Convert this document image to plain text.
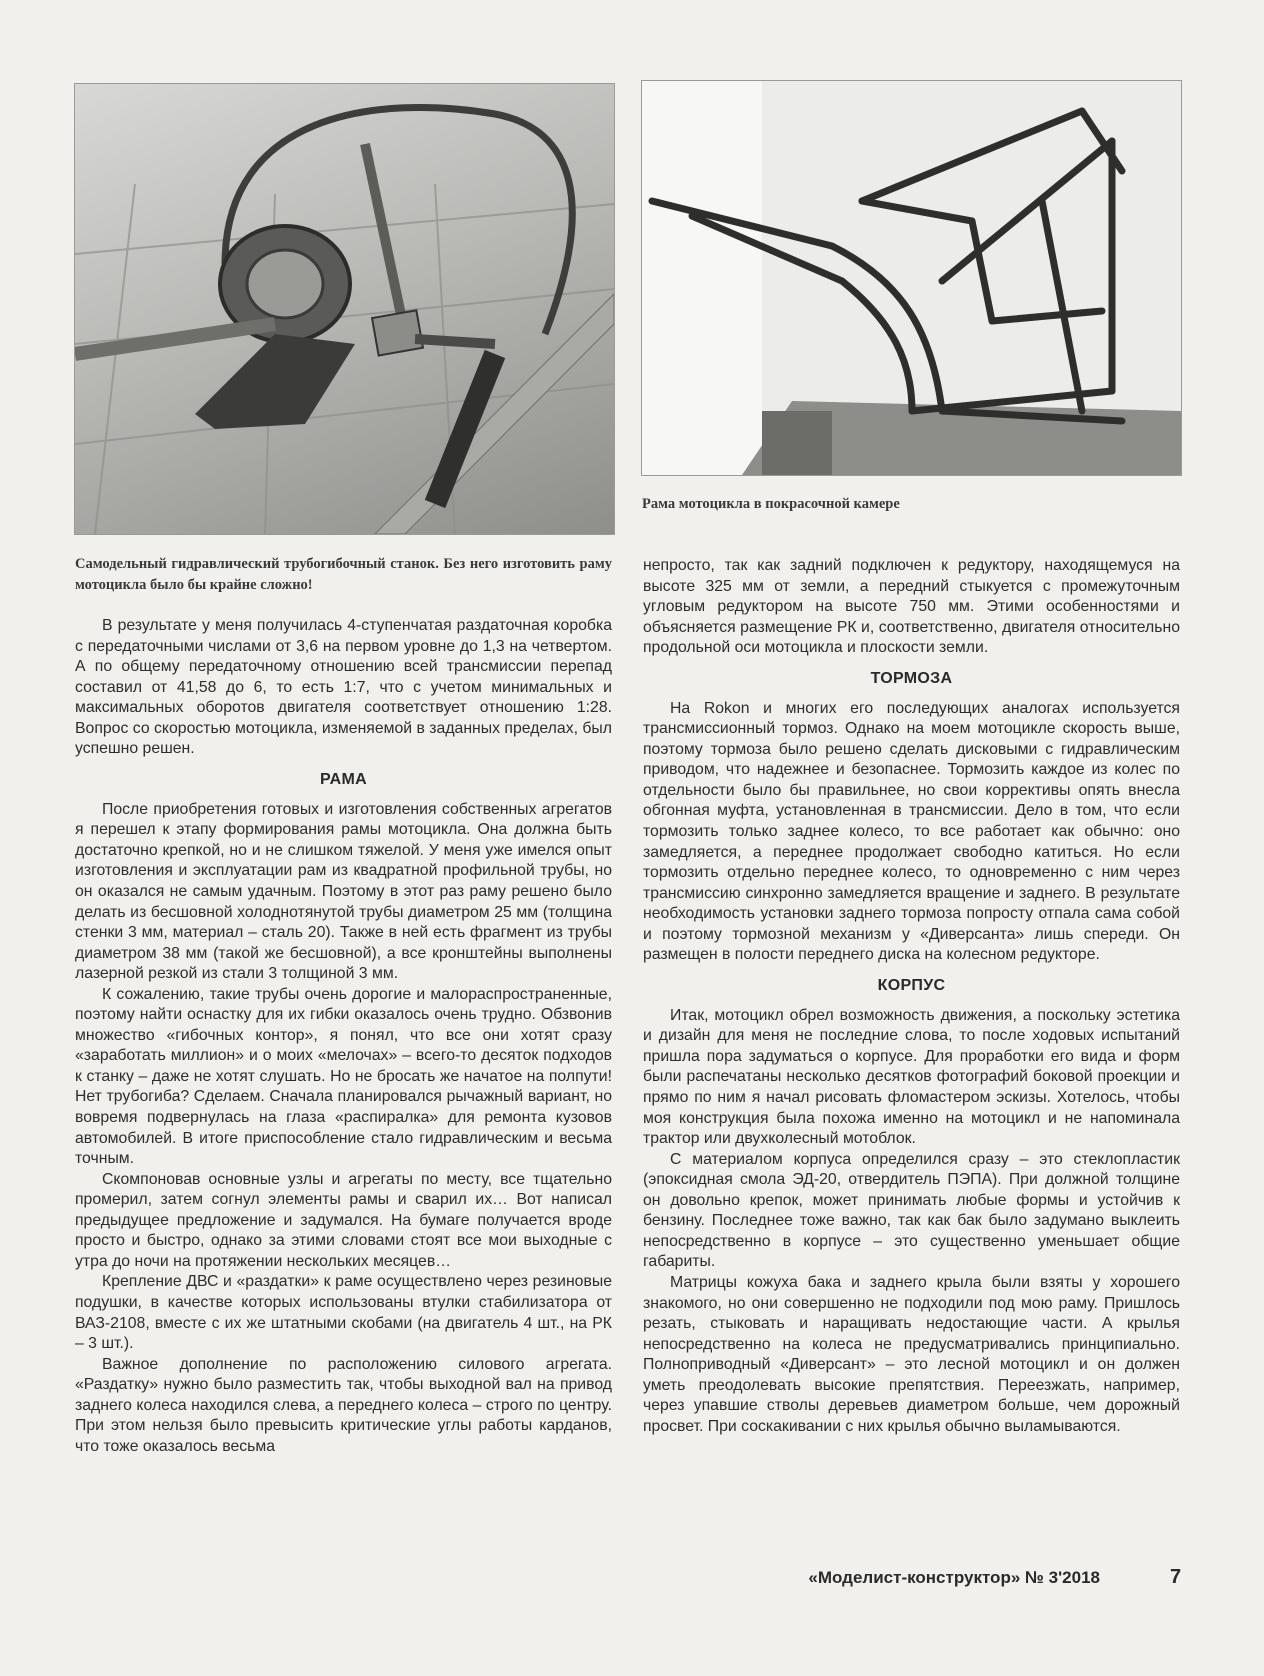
Самодельный гидравлический трубогибочный станок. Без него изготовить раму мотоцикла было бы крайне сложно!

Рама мотоцикла в покрасочной камере

В результате у меня получилась 4-ступенчатая раздаточная коробка с передаточными числами от 3,6 на первом уровне до 1,3 на четвертом. А по общему передаточному отношению всей трансмиссии перепад составил от 41,58 до 6, то есть 1:7, что с учетом минимальных и максимальных оборотов двигателя соответствует отношению 1:28. Вопрос со скоростью мотоцикла, изменяемой в заданных пределах, был успешно решен.

РАМА

После приобретения готовых и изготовления собственных агрегатов я перешел к этапу формирования рамы мотоцикла. Она должна быть достаточно крепкой, но и не слишком тяжелой. У меня уже имелся опыт изготовления и эксплуатации рам из квадратной профильной трубы, но он оказался не самым удачным. Поэтому в этот раз раму решено было делать из бесшовной холоднотянутой трубы диаметром 25 мм (толщина стенки 3 мм, материал – сталь 20). Также в ней есть фрагмент из трубы диаметром 38 мм (такой же бесшовной), а все кронштейны выполнены лазерной резкой из стали 3 толщиной 3 мм.

К сожалению, такие трубы очень дорогие и малораспространенные, поэтому найти оснастку для их гибки оказалось очень трудно. Обзвонив множество «гибочных контор», я понял, что все они хотят сразу «заработать миллион» и о моих «мелочах» – всего-то десяток подходов к станку – даже не хотят слушать. Но не бросать же начатое на полпути! Нет трубогиба? Сделаем. Сначала планировался рычажный вариант, но вовремя подвернулась на глаза «распиралка» для ремонта кузовов автомобилей. В итоге приспособление стало гидравлическим и весьма точным.

Скомпоновав основные узлы и агрегаты по месту, все тщательно промерил, затем согнул элементы рамы и сварил их… Вот написал предыдущее предложение и задумался. На бумаге получается вроде просто и быстро, однако за этими словами стоят все мои выходные с утра до ночи на протяжении нескольких месяцев…

Крепление ДВС и «раздатки» к раме осуществлено через резиновые подушки, в качестве которых использованы втулки стабилизатора от ВАЗ-2108, вместе с их же штатными скобами (на двигатель 4 шт., на РК – 3 шт.).

Важное дополнение по расположению силового агрегата. «Раздатку» нужно было разместить так, чтобы выходной вал на привод заднего колеса находился слева, а переднего колеса – строго по центру. При этом нельзя было превысить критические углы работы карданов, что тоже оказалось весьма

непросто, так как задний подключен к редуктору, находящемуся на высоте 325 мм от земли, а передний стыкуется с промежуточным угловым редуктором на высоте 750 мм. Этими особенностями и объясняется размещение РК и, соответственно, двигателя относительно продольной оси мотоцикла и плоскости земли.

ТОРМОЗА

На Rokon и многих его последующих аналогах используется трансмиссионный тормоз. Однако на моем мотоцикле скорость выше, поэтому тормоза было решено сделать дисковыми с гидравлическим приводом, что надежнее и безопаснее. Тормозить каждое из колес по отдельности было бы правильнее, но свои коррективы опять внесла обгонная муфта, установленная в трансмиссии. Дело в том, что если тормозить только заднее колесо, то все работает как обычно: оно замедляется, а переднее продолжает свободно катиться. Но если тормозить отдельно переднее колесо, то одновременно с ним через трансмиссию синхронно замедляется вращение и заднего. В результате необходимость установки заднего тормоза попросту отпала сама собой и поэтому тормозной механизм у «Диверсанта» лишь спереди. Он размещен в полости переднего диска на колесном редукторе.

КОРПУС

Итак, мотоцикл обрел возможность движения, а поскольку эстетика и дизайн для меня не последние слова, то после ходовых испытаний пришла пора задуматься о корпусе. Для проработки его вида и форм были распечатаны несколько десятков фотографий боковой проекции и прямо по ним я начал рисовать фломастером эскизы. Хотелось, чтобы моя конструкция была похожа именно на мотоцикл и не напоминала трактор или двухколесный мотоблок.

С материалом корпуса определился сразу – это стеклопластик (эпоксидная смола ЭД-20, отвердитель ПЭПА). При должной толщине он довольно крепок, может принимать любые формы и устойчив к бензину. Последнее тоже важно, так как бак было задумано выклеить непосредственно в корпусе – это существенно уменьшает общие габариты.

Матрицы кожуха бака и заднего крыла были взяты у хорошего знакомого, но они совершенно не подходили под мою раму. Пришлось резать, стыковать и наращивать недостающие части. А крылья непосредственно на колеса не предусматривались принципиально. Полноприводный «Диверсант» – это лесной мотоцикл и он должен уметь преодолевать высокие препятствия. Переезжать, например, через упавшие стволы деревьев диаметром больше, чем дорожный просвет. При соскакивании с них крылья обычно выламываются.

«Моделист-конструктор» № 3'2018	7
